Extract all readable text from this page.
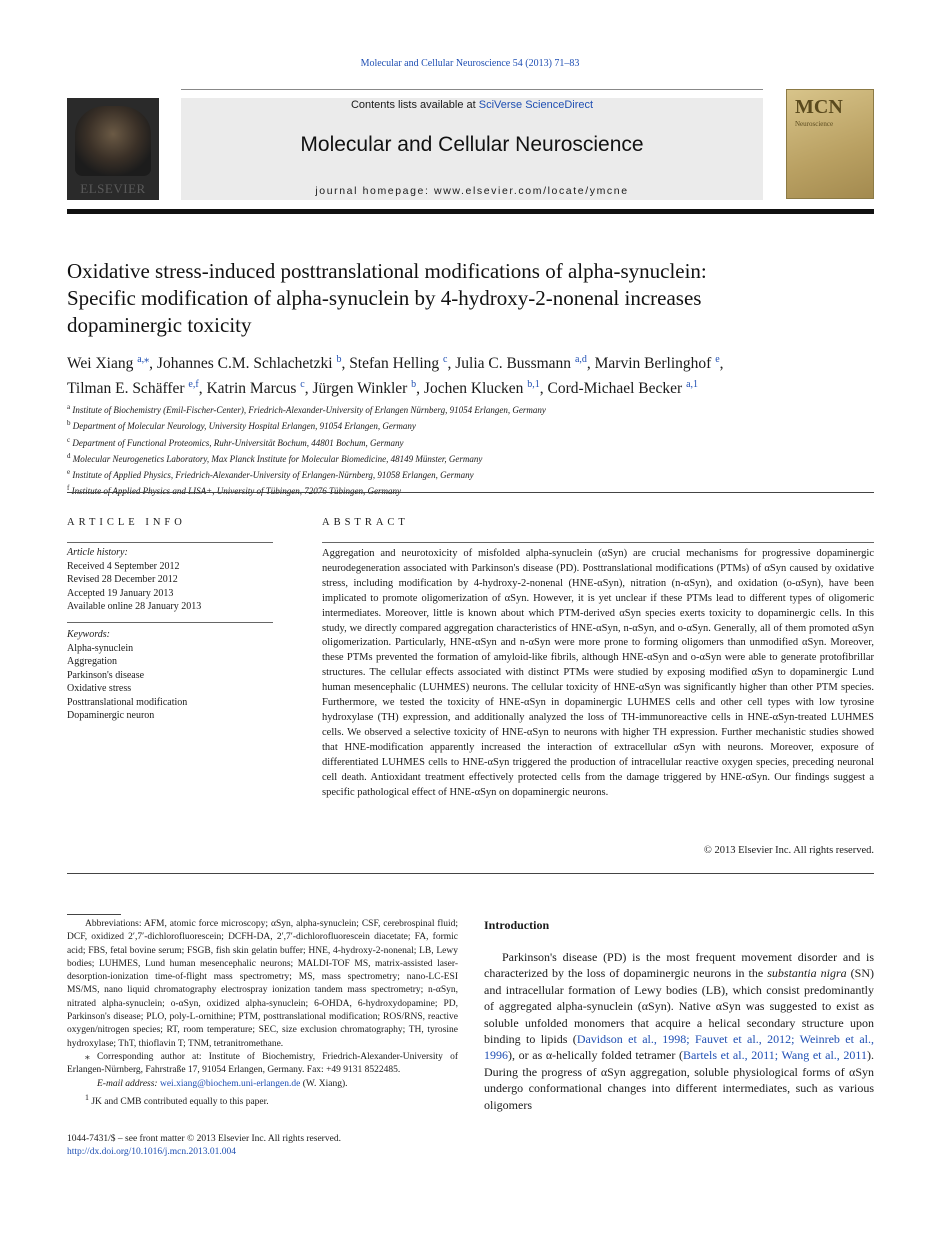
Molecular and Cellular Neuroscience 54 (2013) 71–83
ELSEVIER
Contents lists available at SciVerse ScienceDirect
Molecular and Cellular Neuroscience
journal homepage: www.elsevier.com/locate/ymcne
MCN
Neuroscience
Oxidative stress-induced posttranslational modifications of alpha-synuclein:
Specific modification of alpha-synuclein by 4-hydroxy-2-nonenal increases
dopaminergic toxicity
Wei Xiang $^{a,⁎}$, Johannes C.M. Schlachetzki $^b$, Stefan Helling $^c$, Julia C. Bussmann $^{a,d}$, Marvin Berlinghof $^e$,
Tilman E. Schäffer $^{e,f}$, Katrin Marcus $^c$, Jürgen Winkler $^b$, Jochen Klucken $^{b,1}$, Cord-Michael Becker $^{a,1}$
$^a$ Institute of Biochemistry (Emil-Fischer-Center), Friedrich-Alexander-University of Erlangen Nürnberg, 91054 Erlangen, Germany
$^b$ Department of Molecular Neurology, University Hospital Erlangen, 91054 Erlangen, Germany
$^c$ Department of Functional Proteomics, Ruhr-Universität Bochum, 44801 Bochum, Germany
$^d$ Molecular Neurogenetics Laboratory, Max Planck Institute for Molecular Biomedicine, 48149 Münster, Germany
$^e$ Institute of Applied Physics, Friedrich-Alexander-University of Erlangen-Nürnberg, 91058 Erlangen, Germany
$^f$
ARTICLE INFO
Article history:
Received 4 September 2012
Revised 28 December 2012
Accepted 19 January 2013
Available online 28 January 2013
Keywords:
Alpha-synuclein
Aggregation
Parkinson's disease
Oxidative stress
Posttranslational modification
Dopaminergic neuron
ABSTRACT
Aggregation and neurotoxicity of misfolded alpha-synuclein (αSyn) are crucial mechanisms for progressive dopaminergic neurodegeneration associated with Parkinson's disease (PD). Posttranslational modifications (PTMs) of αSyn caused by oxidative stress, including modification by 4-hydroxy-2-nonenal (HNE-αSyn), nitration (n-αSyn), and oxidation (o-αSyn), have been implicated to promote oligomerization of αSyn. However, it is yet unclear if these PTMs lead to different types of oligomeric intermediates. Moreover, little is known about which PTM-derived αSyn species exerts toxicity to dopaminergic cells. In this study, we directly compared aggregation characteristics of HNE-αSyn, n-αSyn, and o-αSyn. Generally, all of them promoted αSyn oligomerization. Particularly, HNE-αSyn and n-αSyn were more prone to forming oligomers than unmodified αSyn. Moreover, these PTMs prevented the formation of amyloid-like fibrils, although HNE-αSyn and o-αSyn were able to generate protofibrillar structures. The cellular effects associated with distinct PTMs were studied by exposing modified αSyn to dopaminergic Lund human mesencephalic (LUHMES) neurons. The cellular toxicity of HNE-αSyn was significantly higher than other PTM species. Furthermore, we tested the toxicity of HNE-αSyn in dopaminergic LUHMES cells and other cell types with low tyrosine hydroxylase (TH) expression, and additionally analyzed the loss of TH-immunoreactive cells in HNE-αSyn-treated LUHMES cells. We observed a selective toxicity of HNE-αSyn to neurons with higher TH expression. Further mechanistic studies showed that HNE-modification apparently increased the interaction of extracellular αSyn with neurons. Moreover, exposure of differentiated LUHMES cells to HNE-αSyn triggered the production of intracellular reactive oxygen species, preceding neuronal cell death. Antioxidant treatment effectively protected cells from the damage triggered by HNE-αSyn. Our findings suggest a specific pathological effect of HNE-αSyn on dopaminergic neurons.
© 2013 Elsevier Inc. All rights reserved.
Abbreviations: AFM, atomic force microscopy; αSyn, alpha-synuclein; CSF, cerebrospinal fluid; DCF, oxidized 2′,7′-dichlorofluorescein; DCFH-DA, 2′,7′-dichlorofluorescein diacetate; FA, formic acid; FBS, fetal bovine serum; FSGB, fish skin gelatin buffer; HNE, 4-hydroxy-2-nonenal; LB, Lewy bodies; LUHMES, Lund human mesencephalic neurons; MALDI-TOF MS, matrix-assisted laser-desorption-ionization time-of-flight mass spectrometry; MS, mass spectrometry; nano-LC-ESI MS/MS, nano liquid chromatography electrospray ionization tandem mass spectrometry; n-αSyn, nitrated alpha-synuclein; o-αSyn, oxidized alpha-synuclein; 6-OHDA, 6-hydroxydopamine; PD, Parkinson's disease; PLO, poly-L-ornithine; PTM, posttranslational modification; ROS/RNS, reactive oxygen/nitrogen species; RT, room temperature; SEC, size exclusion chromatography; TH, tyrosine hydroxylase; ThT, thioflavin T; TNM, tetranitromethane.
⁎ Corresponding author at: Institute of Biochemistry, Friedrich-Alexander-University of Erlangen-Nürnberg, Fahrstraße 17, 91054 Erlangen, Germany. Fax: +49 9131 8522485.
E-mail address: wei.xiang@biochem.uni-erlangen.de (W. Xiang).
$^1$ JK and CMB contributed equally to this paper.
1044-7431/$ – see front matter © 2013 Elsevier Inc. All rights reserved.
http://dx.doi.org/10.1016/j.mcn.2013.01.004
Introduction
Parkinson's disease (PD) is the most frequent movement disorder and is characterized by the loss of dopaminergic neurons in the substantia nigra (SN) and intracellular formation of Lewy bodies (LB), which consist predominantly of aggregated alpha-synuclein (αSyn). Native αSyn was suggested to exist as soluble unfolded monomers that acquire a helical secondary structure upon binding to lipids (Davidson et al., 1998; Fauvet et al., 2012; Weinreb et al., 1996), or as α-helically folded tetramer (Bartels et al., 2011; Wang et al., 2011). During the progress of αSyn aggregation, soluble physiological forms of αSyn undergo conformational changes into different intermediates, such as various oligomers
